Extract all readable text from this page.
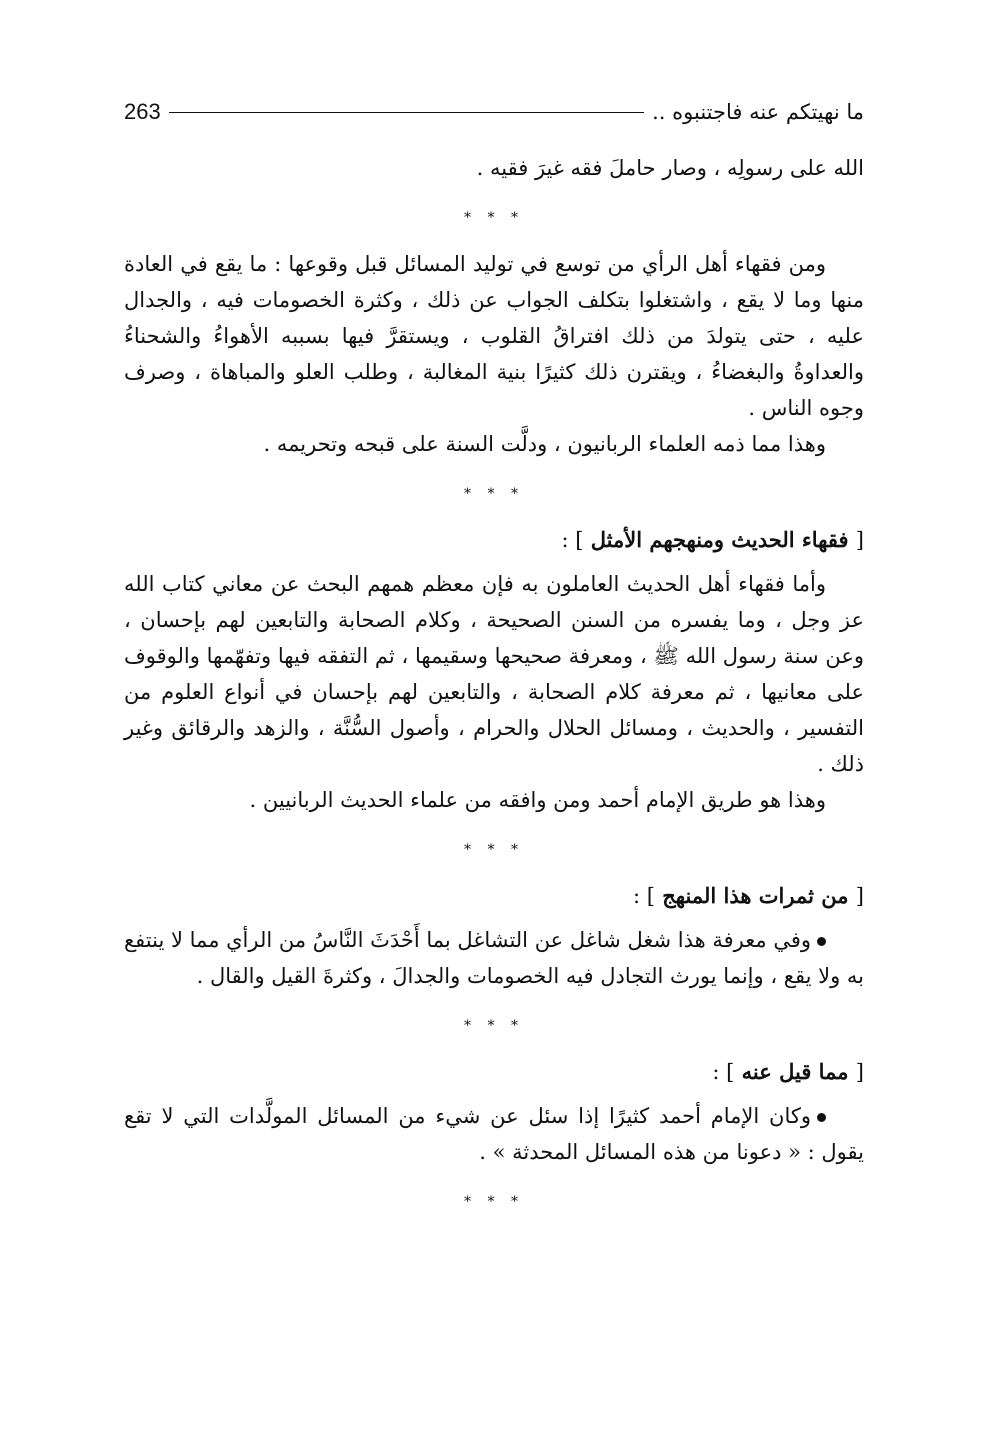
ما نهيتكم عنه فاجتنبوه ..
263

الله على رسولِه ، وصار حاملَ فقه غيرَ فقيه .

* * *

ومن فقهاء أهل الرأي من توسع في توليد المسائل قبل وقوعها : ما يقع في العادة منها وما لا يقع ، واشتغلوا بتكلف الجواب عن ذلك ، وكثرة الخصومات فيه ، والجدال عليه ، حتى يتولدَ من ذلك افتراقُ القلوب ، ويستقرَّ فيها بسببه الأهواءُ والشحناءُ والعداوةُ والبغضاءُ ، ويقترن ذلك كثيرًا بنية المغالبة ، وطلب العلو والمباهاة ، وصرف وجوه الناس .

وهذا مما ذمه العلماء الربانيون ، ودلَّت السنة على قبحه وتحريمه .

* * *

[ فقهاء الحديث ومنهجهم الأمثل ] :

وأما فقهاء أهل الحديث العاملون به فإن معظم همهم البحث عن معاني كتاب الله عز وجل ، وما يفسره من السنن الصحيحة ، وكلام الصحابة والتابعين لهم بإحسان ، وعن سنة رسول الله ﷺ ، ومعرفة صحيحها وسقيمها ، ثم التفقه فيها وتفهّمها والوقوف على معانيها ، ثم معرفة كلام الصحابة ، والتابعين لهم بإحسان في أنواع العلوم من التفسير ، والحديث ، ومسائل الحلال والحرام ، وأصول السُّنَّة ، والزهد والرقائق وغير ذلك .

وهذا هو طريق الإمام أحمد ومن وافقه من علماء الحديث الربانيين .

* * *

[ من ثمرات هذا المنهج ] :

وفي معرفة هذا شغل شاغل عن التشاغل بما أَحْدَثَ النَّاسُ من الرأي مما لا ينتفع به ولا يقع ، وإنما يورث التجادل فيه الخصومات والجدالَ ، وكثرةَ القيل والقال .

* * *

[ مما قيل عنه ] :

وكان الإمام أحمد كثيرًا إذا سئل عن شيء من المسائل المولَّدات التي لا تقع يقول : « دعونا من هذه المسائل المحدثة » .

* * *
